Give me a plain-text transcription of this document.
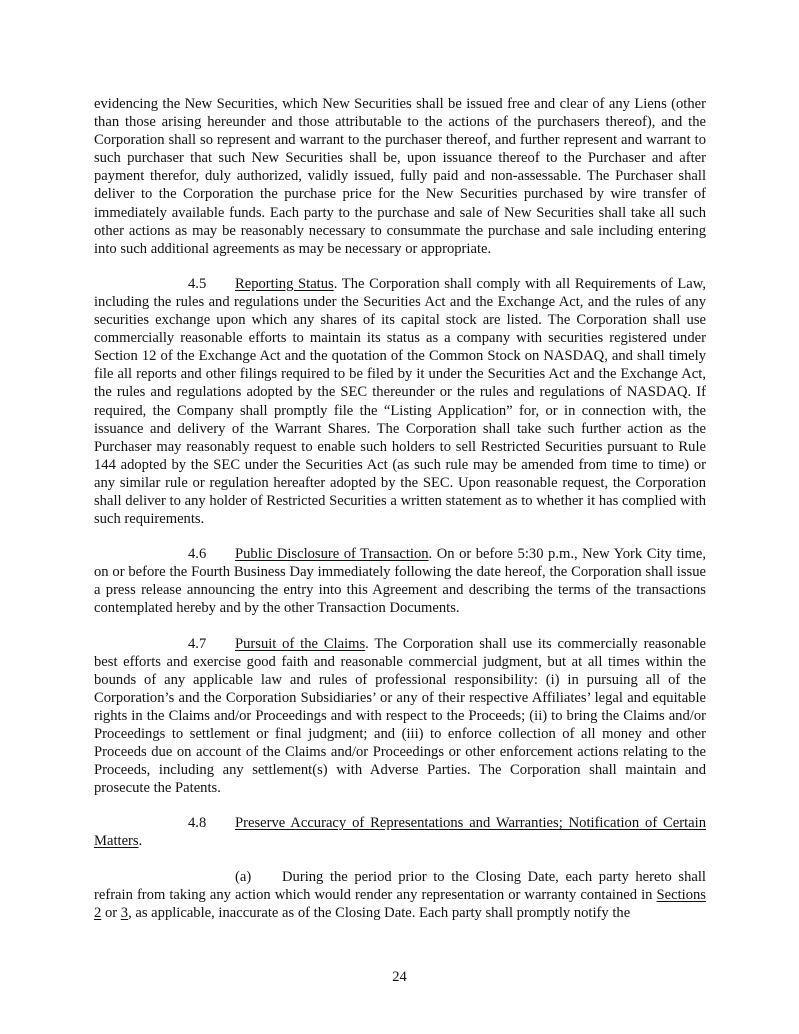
evidencing the New Securities, which New Securities shall be issued free and clear of any Liens (other than those arising hereunder and those attributable to the actions of the purchasers thereof), and the Corporation shall so represent and warrant to the purchaser thereof, and further represent and warrant to such purchaser that such New Securities shall be, upon issuance thereof to the Purchaser and after payment therefor, duly authorized, validly issued, fully paid and non-assessable. The Purchaser shall deliver to the Corporation the purchase price for the New Securities purchased by wire transfer of immediately available funds. Each party to the purchase and sale of New Securities shall take all such other actions as may be reasonably necessary to consummate the purchase and sale including entering into such additional agreements as may be necessary or appropriate.

4.5 Reporting Status. The Corporation shall comply with all Requirements of Law, including the rules and regulations under the Securities Act and the Exchange Act, and the rules of any securities exchange upon which any shares of its capital stock are listed. The Corporation shall use commercially reasonable efforts to maintain its status as a company with securities registered under Section 12 of the Exchange Act and the quotation of the Common Stock on NASDAQ, and shall timely file all reports and other filings required to be filed by it under the Securities Act and the Exchange Act, the rules and regulations adopted by the SEC thereunder or the rules and regulations of NASDAQ. If required, the Company shall promptly file the “Listing Application” for, or in connection with, the issuance and delivery of the Warrant Shares. The Corporation shall take such further action as the Purchaser may reasonably request to enable such holders to sell Restricted Securities pursuant to Rule 144 adopted by the SEC under the Securities Act (as such rule may be amended from time to time) or any similar rule or regulation hereafter adopted by the SEC. Upon reasonable request, the Corporation shall deliver to any holder of Restricted Securities a written statement as to whether it has complied with such requirements.

4.6 Public Disclosure of Transaction. On or before 5:30 p.m., New York City time, on or before the Fourth Business Day immediately following the date hereof, the Corporation shall issue a press release announcing the entry into this Agreement and describing the terms of the transactions contemplated hereby and by the other Transaction Documents.

4.7 Pursuit of the Claims. The Corporation shall use its commercially reasonable best efforts and exercise good faith and reasonable commercial judgment, but at all times within the bounds of any applicable law and rules of professional responsibility: (i) in pursuing all of the Corporation’s and the Corporation Subsidiaries’ or any of their respective Affiliates’ legal and equitable rights in the Claims and/or Proceedings and with respect to the Proceeds; (ii) to bring the Claims and/or Proceedings to settlement or final judgment; and (iii) to enforce collection of all money and other Proceeds due on account of the Claims and/or Proceedings or other enforcement actions relating to the Proceeds, including any settlement(s) with Adverse Parties. The Corporation shall maintain and prosecute the Patents.

4.8 Preserve Accuracy of Representations and Warranties; Notification of Certain Matters.

(a) During the period prior to the Closing Date, each party hereto shall refrain from taking any action which would render any representation or warranty contained in Sections 2 or 3, as applicable, inaccurate as of the Closing Date. Each party shall promptly notify the

24
